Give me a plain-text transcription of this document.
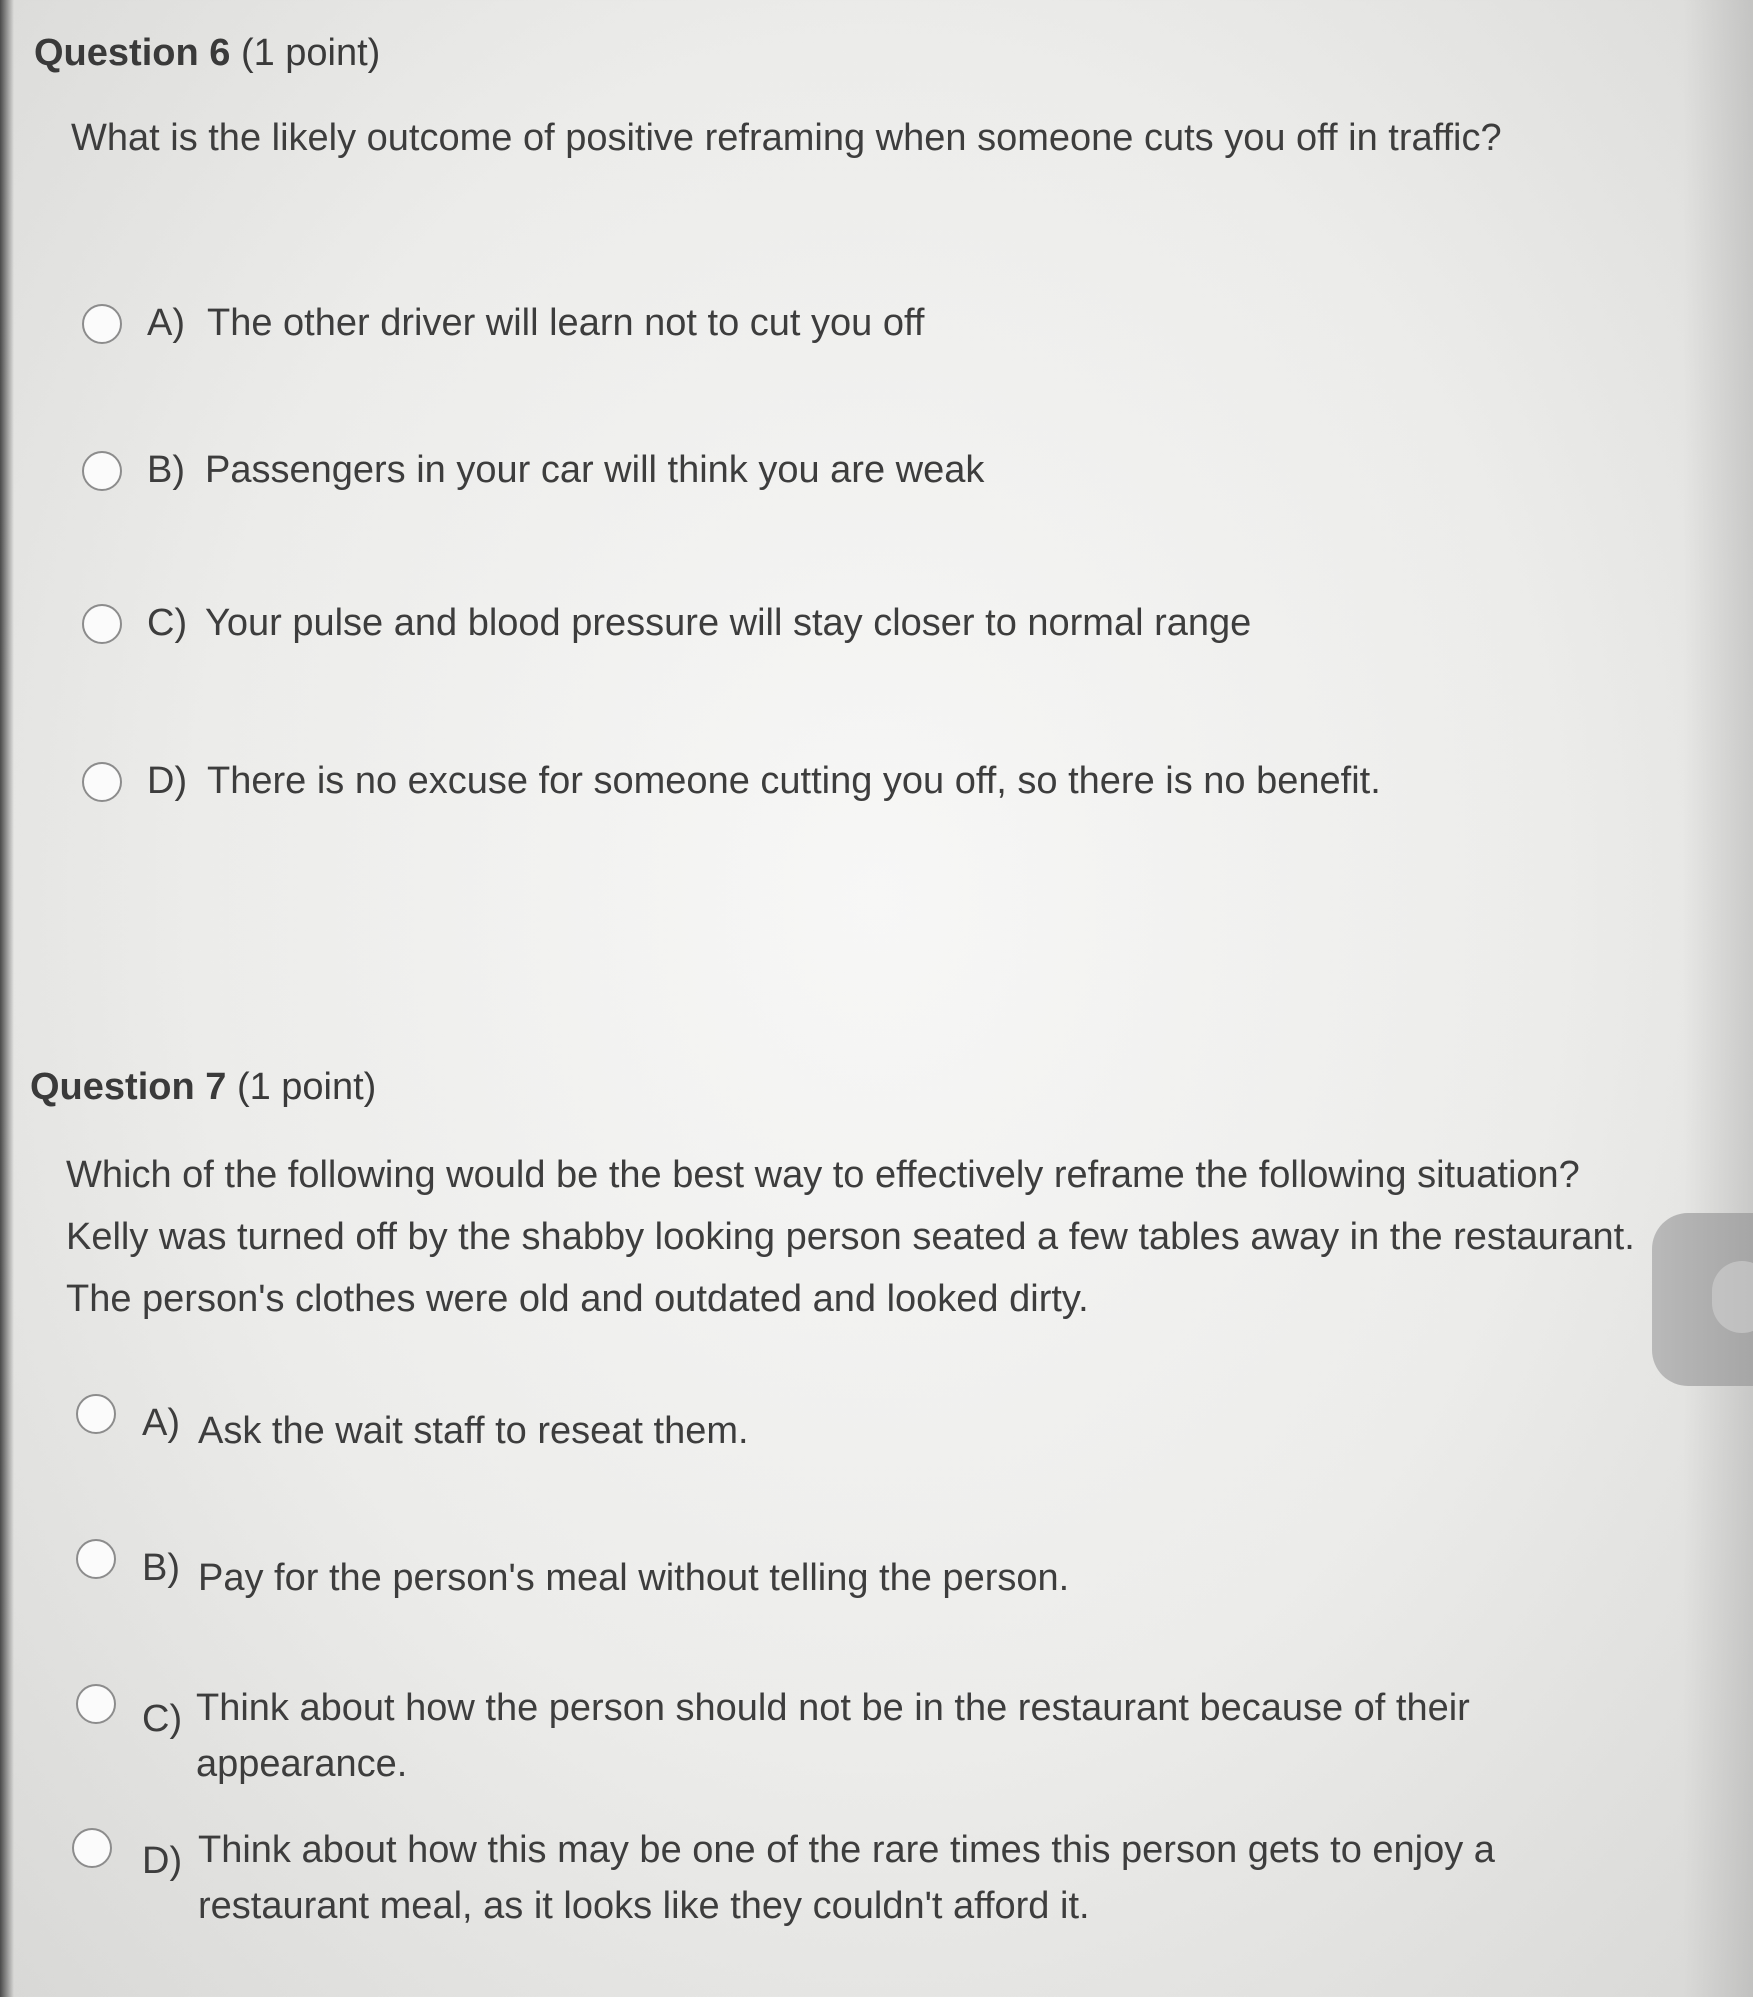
Question 6 (1 point)
What is the likely outcome of positive reframing when someone cuts you off in traffic?
A) The other driver will learn not to cut you off
B) Passengers in your car will think you are weak
C) Your pulse and blood pressure will stay closer to normal range
D) There is no excuse for someone cutting you off, so there is no benefit.
Question 7 (1 point)
Which of the following would be the best way to effectively reframe the following situation? Kelly was turned off by the shabby looking person seated a few tables away in the restaurant. The person's clothes were old and outdated and looked dirty.
A) Ask the wait staff to reseat them.
B) Pay for the person's meal without telling the person.
C) Think about how the person should not be in the restaurant because of their appearance.
D) Think about how this may be one of the rare times this person gets to enjoy a restaurant meal, as it looks like they couldn't afford it.
